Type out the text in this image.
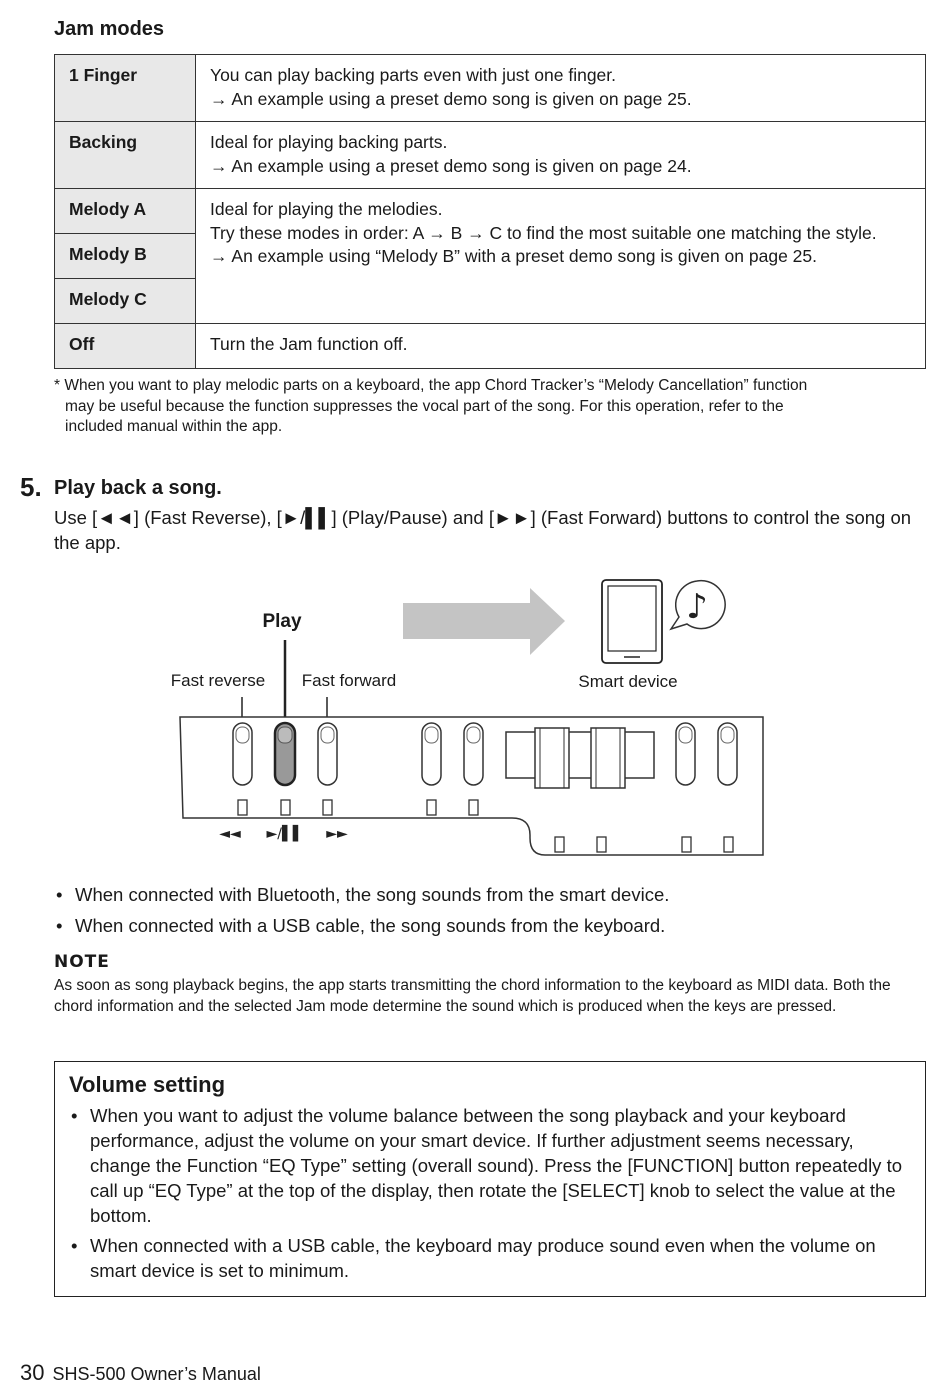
Jam modes
1 Finger	You can play backing parts even with just one finger.
→ An example using a preset demo song is given on page 25.

Backing	Ideal for playing backing parts.
→ An example using a preset demo song is given on page 24.

Melody A	Ideal for playing the melodies.
Try these modes in order: A → B → C to find the most suitable one matching the style.
→ An example using “Melody B” with a preset demo song is given on page 25.

Melody B	
Melody C	
Off	Turn the Jam function off.
* When you want to play melodic parts on a keyboard, the app Chord Tracker’s “Melody Cancellation” function
may be useful because the function suppresses the vocal part of the song. For this operation, refer to the
included manual within the app.
5. Play back a song.
Use [◄◄] (Fast Reverse), [►/▌▌] (Play/Pause) and [►►] (Fast Forward) buttons to control the song on the app.
♪
Play
Fast reverse Fast forward	Smart device
◄◄ ►/▌▌ ►►
• When connected with Bluetooth, the song sounds from the smart device.
• When connected with a USB cable, the song sounds from the keyboard.
NOTE
As soon as song playback begins, the app starts transmitting the chord information to the keyboard as MIDI data. Both the chord information and the selected Jam mode determine the sound which is produced when the keys are pressed.
Volume setting
• When you want to adjust the volume balance between the song playback and your keyboard performance, adjust the volume on your smart device. If further adjustment seems necessary, change the Function “EQ Type” setting (overall sound). Press the [FUNCTION] button repeatedly to call up “EQ Type” at the top of the display, then rotate the [SELECT] knob to select the value at the bottom.
• When connected with a USB cable, the keyboard may produce sound even when the volume on smart device is set to minimum.
30 SHS-500 Owner’s Manual
